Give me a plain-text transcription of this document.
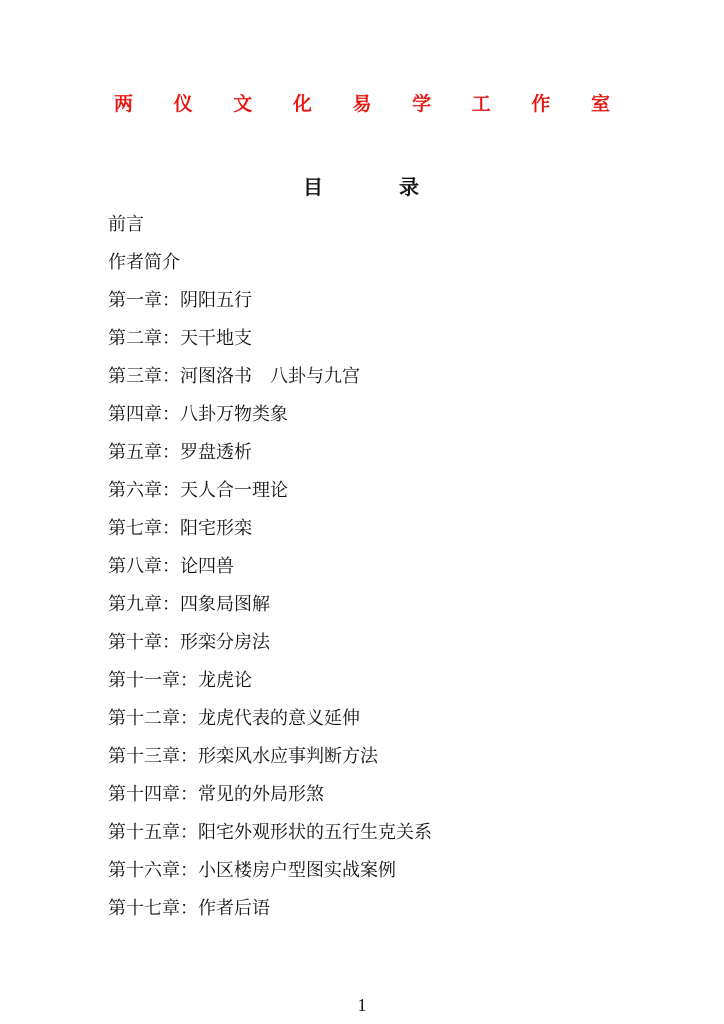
两 仪 文 化 易 学 工 作 室
目	录
前言
作者简介
第一章：阴阳五行
第二章：天干地支
第三章：河图洛书　八卦与九宫
第四章：八卦万物类象
第五章：罗盘透析
第六章：天人合一理论
第七章：阳宅形栾
第八章：论四兽
第九章：四象局图解
第十章：形栾分房法
第十一章：龙虎论
第十二章：龙虎代表的意义延伸
第十三章：形栾风水应事判断方法
第十四章：常见的外局形煞
第十五章：阳宅外观形状的五行生克关系
第十六章：小区楼房户型图实战案例
第十七章：作者后语
1
